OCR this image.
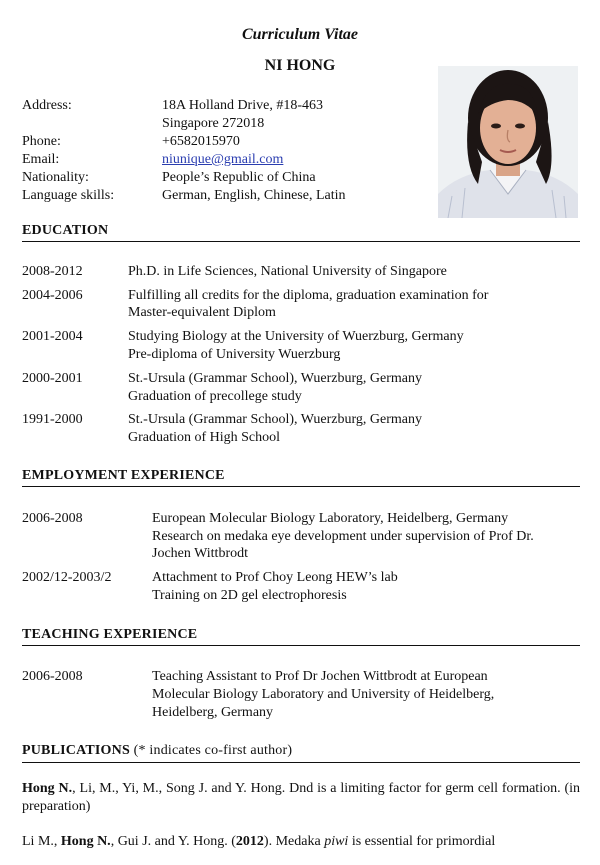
Curriculum Vitae
NI HONG
Address:	18A Holland Drive, #18-463
Singapore 272018
Phone:	+6582015970
Email:	niunique@gmail.com
Nationality:	People’s Republic of China
Language skills:	German, English, Chinese, Latin
EDUCATION
2008-2012	Ph.D. in Life Sciences, National University of Singapore
2004-2006	Fulfilling all credits for the diploma, graduation examination for
Master-equivalent Diplom
2001-2004	Studying Biology at the University of Wuerzburg, Germany
Pre-diploma of University Wuerzburg
2000-2001	St.-Ursula (Grammar School), Wuerzburg, Germany
Graduation of precollege study
1991-2000	St.-Ursula (Grammar School), Wuerzburg, Germany
Graduation of High School
EMPLOYMENT EXPERIENCE
2006-2008	European Molecular Biology Laboratory, Heidelberg, Germany
Research on medaka eye development under supervision of Prof Dr.
Jochen Wittbrodt
2002/12-2003/2	Attachment to Prof Choy Leong HEW’s lab
Training on 2D gel electrophoresis
TEACHING EXPERIENCE
2006-2008	Teaching Assistant to Prof Dr Jochen Wittbrodt at European
Molecular Biology Laboratory and University of Heidelberg,
Heidelberg, Germany
PUBLICATIONS (* indicates co-first author)
Hong N., Li, M., Yi, M., Song J. and Y. Hong. Dnd is a limiting factor for germ cell formation. (in preparation)
Li M., Hong N., Gui J. and Y. Hong. (2012). Medaka piwi is essential for primordial
